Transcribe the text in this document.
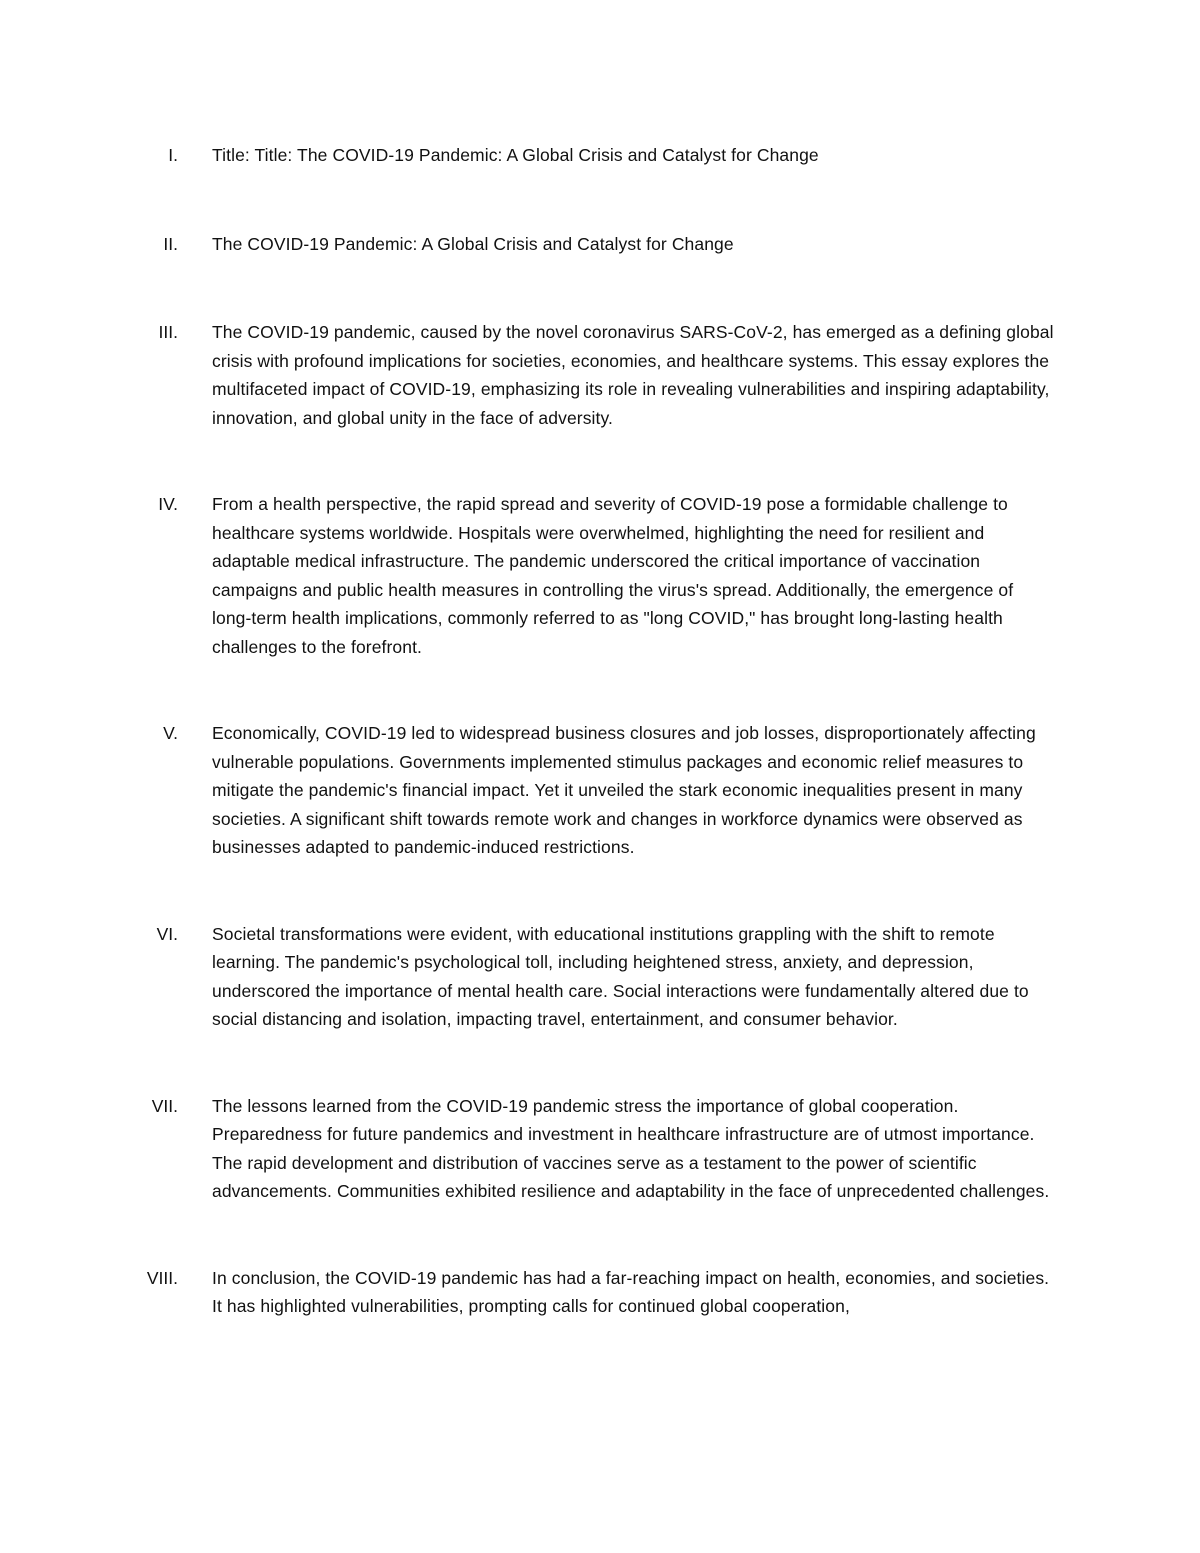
I. Title: Title: The COVID-19 Pandemic: A Global Crisis and Catalyst for Change
II. The COVID-19 Pandemic: A Global Crisis and Catalyst for Change
III. The COVID-19 pandemic, caused by the novel coronavirus SARS-CoV-2, has emerged as a defining global crisis with profound implications for societies, economies, and healthcare systems. This essay explores the multifaceted impact of COVID-19, emphasizing its role in revealing vulnerabilities and inspiring adaptability, innovation, and global unity in the face of adversity.
IV. From a health perspective, the rapid spread and severity of COVID-19 pose a formidable challenge to healthcare systems worldwide. Hospitals were overwhelmed, highlighting the need for resilient and adaptable medical infrastructure. The pandemic underscored the critical importance of vaccination campaigns and public health measures in controlling the virus's spread. Additionally, the emergence of long-term health implications, commonly referred to as "long COVID," has brought long-lasting health challenges to the forefront.
V. Economically, COVID-19 led to widespread business closures and job losses, disproportionately affecting vulnerable populations. Governments implemented stimulus packages and economic relief measures to mitigate the pandemic's financial impact. Yet it unveiled the stark economic inequalities present in many societies. A significant shift towards remote work and changes in workforce dynamics were observed as businesses adapted to pandemic-induced restrictions.
VI. Societal transformations were evident, with educational institutions grappling with the shift to remote learning. The pandemic's psychological toll, including heightened stress, anxiety, and depression, underscored the importance of mental health care. Social interactions were fundamentally altered due to social distancing and isolation, impacting travel, entertainment, and consumer behavior.
VII. The lessons learned from the COVID-19 pandemic stress the importance of global cooperation. Preparedness for future pandemics and investment in healthcare infrastructure are of utmost importance. The rapid development and distribution of vaccines serve as a testament to the power of scientific advancements. Communities exhibited resilience and adaptability in the face of unprecedented challenges.
VIII. In conclusion, the COVID-19 pandemic has had a far-reaching impact on health, economies, and societies. It has highlighted vulnerabilities, prompting calls for continued global cooperation,
